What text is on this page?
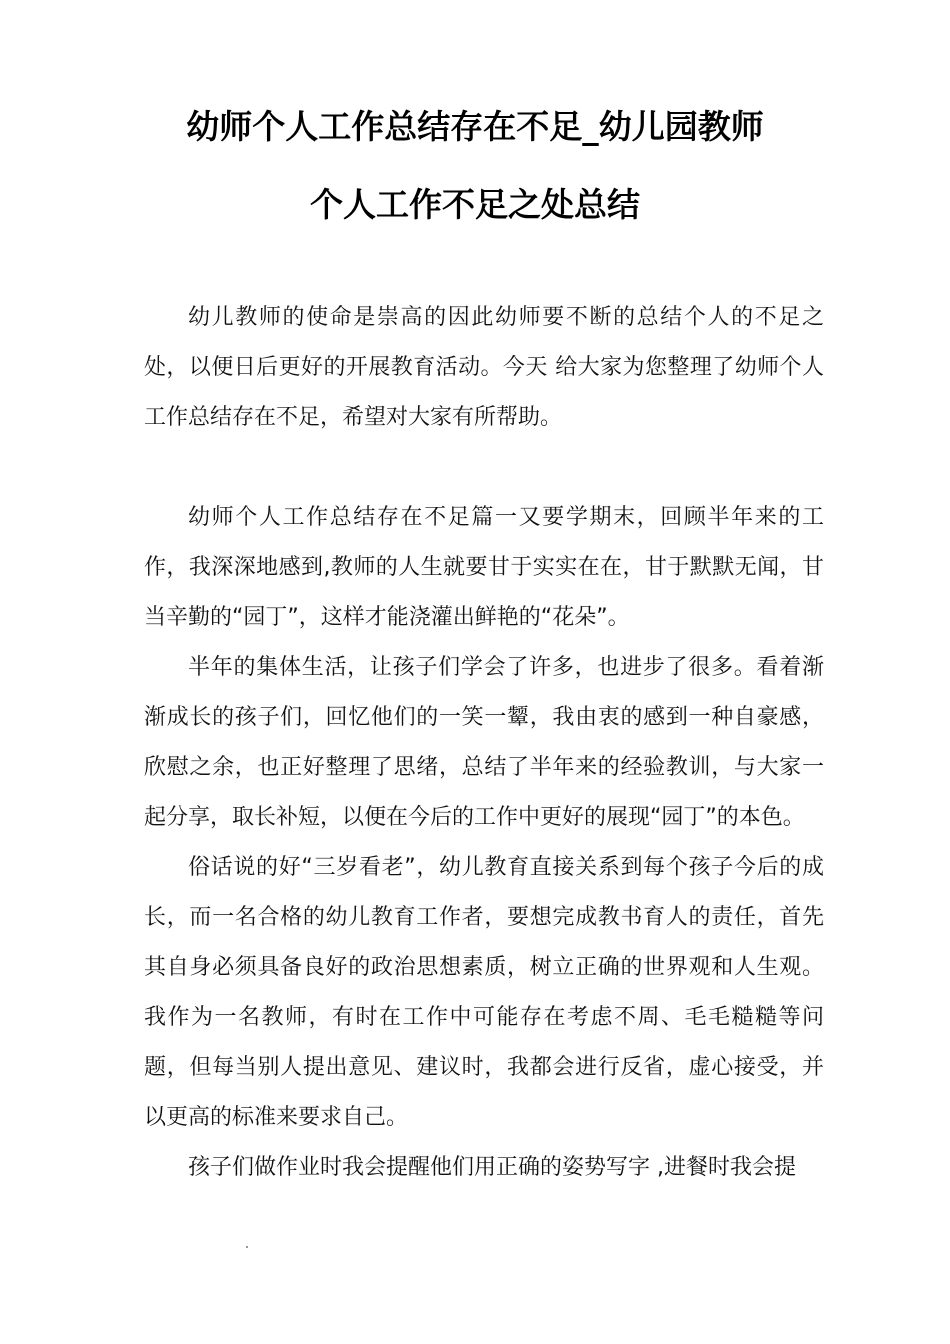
幼师个人工作总结存在不足_幼儿园教师
个人工作不足之处总结

幼儿教师的使命是崇高的因此幼师要不断的总结个人的不足之处，以便日后更好的开展教育活动。今天 给大家为您整理了幼师个人工作总结存在不足，希望对大家有所帮助。

幼师个人工作总结存在不足篇一又要学期末，回顾半年来的工作，我深深地感到,教师的人生就要甘于实实在在，甘于默默无闻，甘当辛勤的“园丁”，这样才能浇灌出鲜艳的“花朵”。

半年的集体生活，让孩子们学会了许多，也进步了很多。看着渐渐成长的孩子们，回忆他们的一笑一颦，我由衷的感到一种自豪感，欣慰之余，也正好整理了思绪，总结了半年来的经验教训，与大家一起分享，取长补短，以便在今后的工作中更好的展现“园丁”的本色。

俗话说的好“三岁看老”，幼儿教育直接关系到每个孩子今后的成长，而一名合格的幼儿教育工作者，要想完成教书育人的责任，首先其自身必须具备良好的政治思想素质，树立正确的世界观和人生观。我作为一名教师，有时在工作中可能存在考虑不周、毛毛糙糙等问题，但每当别人提出意见、建议时，我都会进行反省，虚心接受，并以更高的标准来要求自己。

孩子们做作业时我会提醒他们用正确的姿势写字 ,进餐时我会提
